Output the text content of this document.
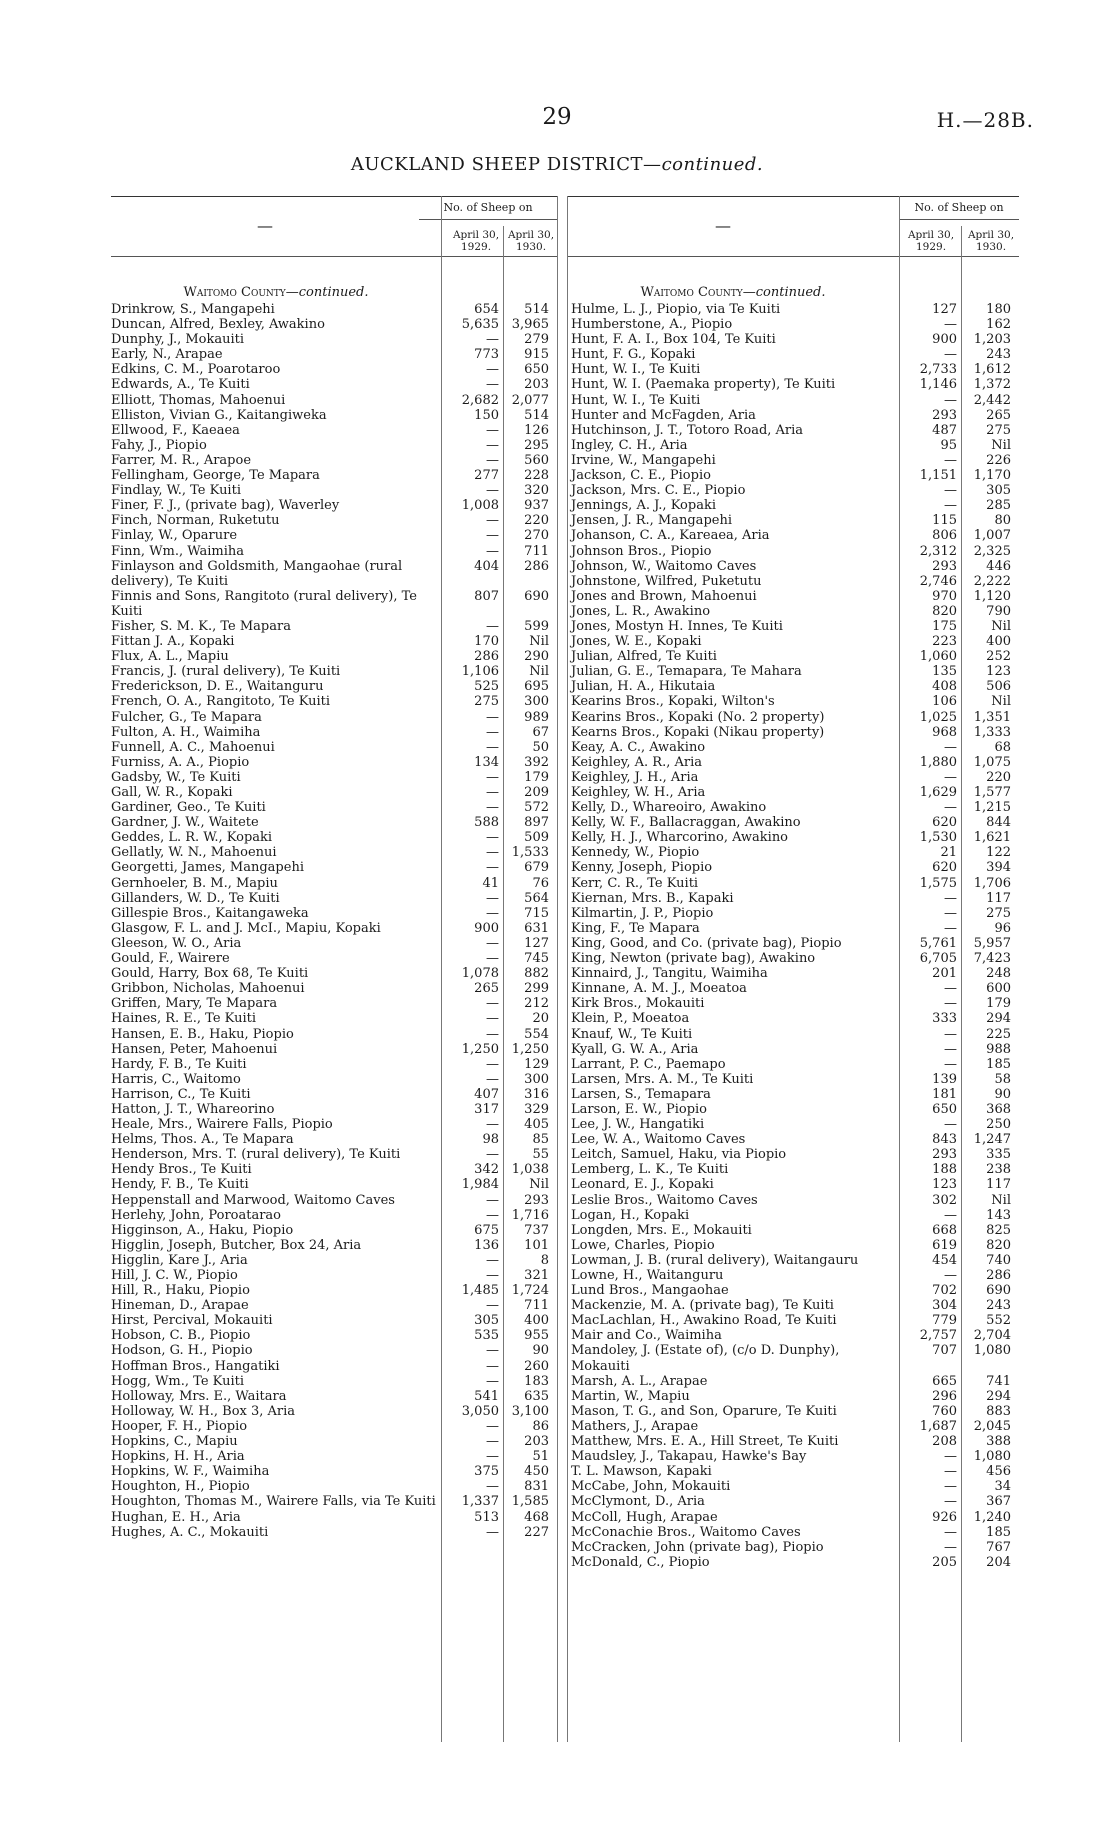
29	H.—28B.
AUCKLAND SHEEP DISTRICT—continued.
—
No. of Sheep on
April 30, 1929.
April 30, 1930.
Waitomo County—continued.
Drinkrow, S., Mangapehi	654	514
Duncan, Alfred, Bexley, Awakino	5,635 3,965
Dunphy, J., Mokauiti	—	279
Early, N., Arapae	773	915
Edkins, C. M., Poarotaroo	—	650
Edwards, A., Te Kuiti	—	203
Elliott, Thomas, Mahoenui	2,682 2,077
Elliston, Vivian G., Kaitangiweka	150	514
Ellwood, F., Kaeaea	—	126
Fahy, J., Piopio	—	295
Farrer, M. R., Arapoe	—	560
Fellingham, George, Te Mapara	277	228
Findlay, W., Te Kuiti	—	320
Finer, F. J., (private bag), Waverley	1,008	937
Finch, Norman, Ruketutu	—	220
Finlay, W., Oparure	—	270
Finn, Wm., Waimiha	—	711
Finlayson and Goldsmith, Mangaohae (rural delivery), Te Kuiti
404	286
Finnis and Sons, Rangitoto (rural delivery), Te Kuiti
807	690
Fisher, S. M. K., Te Mapara	—	599
Fittan J. A., Kopaki	170	Nil
Flux, A. L., Mapiu	286	290
Francis, J. (rural delivery), Te Kuiti	1,106	Nil
Frederickson, D. E., Waitanguru	525	695
French, O. A., Rangitoto, Te Kuiti	275	300
Fulcher, G., Te Mapara	—	989
Fulton, A. H., Waimiha	—	67
Funnell, A. C., Mahoenui	—	50
Furniss, A. A., Piopio	134	392
Gadsby, W., Te Kuiti	—	179
Gall, W. R., Kopaki	—	209
Gardiner, Geo., Te Kuiti	—	572
Gardner, J. W., Waitete	588	897
Geddes, L. R. W., Kopaki	—	509
Gellatly, W. N., Mahoenui	— 1,533
Georgetti, James, Mangapehi	—	679
Gernhoeler, B. M., Mapiu	41	76
Gillanders, W. D., Te Kuiti	—	564
Gillespie Bros., Kaitangaweka	—	715
Glasgow, F. L. and J. McI., Mapiu, Kopaki	900	631
Gleeson, W. O., Aria	—	127
Gould, F., Wairere	—	745
Gould, Harry, Box 68, Te Kuiti	1,078	882
Gribbon, Nicholas, Mahoenui	265	299
Griffen, Mary, Te Mapara	—	212
Haines, R. E., Te Kuiti	—	20
Hansen, E. B., Haku, Piopio	—	554
Hansen, Peter, Mahoenui	1,250 1,250
Hardy, F. B., Te Kuiti	—	129
Harris, C., Waitomo	—	300
Harrison, C., Te Kuiti	407	316
Hatton, J. T., Whareorino	317	329
Heale, Mrs., Wairere Falls, Piopio	—	405
Helms, Thos. A., Te Mapara	98	85
Henderson, Mrs. T. (rural delivery), Te Kuiti	—	55
Hendy Bros., Te Kuiti	342 1,038
Hendy, F. B., Te Kuiti	1,984	Nil
Heppenstall and Marwood, Waitomo Caves	—	293
Herlehy, John, Poroatarao	— 1,716
Higginson, A., Haku, Piopio	675	737
Higglin, Joseph, Butcher, Box 24, Aria	136	101
Higglin, Kare J., Aria	—	8
Hill, J. C. W., Piopio	—	321
Hill, R., Haku, Piopio	1,485 1,724
Hineman, D., Arapae	—	711
Hirst, Percival, Mokauiti	305	400
Hobson, C. B., Piopio	535	955
Hodson, G. H., Piopio	—	90
Hoffman Bros., Hangatiki	—	260
Hogg, Wm., Te Kuiti	—	183
Holloway, Mrs. E., Waitara	541	635
Holloway, W. H., Box 3, Aria	3,050 3,100
Hooper, F. H., Piopio	—	86
Hopkins, C., Mapiu	—	203
Hopkins, H. H., Aria	—	51
Hopkins, W. F., Waimiha	375	450
Houghton, H., Piopio	—	831
Houghton, Thomas M., Wairere Falls, via Te Kuiti	1,337 1,585
Hughan, E. H., Aria	513	468
Hughes, A. C., Mokauiti	—	227
—
No. of Sheep on
April 30, 1929.
April 30, 1930.
Waitomo County—continued.
Hulme, L. J., Piopio, via Te Kuiti	127	180
Humberstone, A., Piopio	—	162
Hunt, F. A. I., Box 104, Te Kuiti	900	1,203
Hunt, F. G., Kopaki	—	243
Hunt, W. I., Te Kuiti	2,733	1,612
Hunt, W. I. (Paemaka property), Te Kuiti	1,146	1,372
Hunt, W. I., Te Kuiti	—	2,442
Hunter and McFagden, Aria	293	265
Hutchinson, J. T., Totoro Road, Aria	487	275
Ingley, C. H., Aria	95	Nil
Irvine, W., Mangapehi	—	226
Jackson, C. E., Piopio	1,151	1,170
Jackson, Mrs. C. E., Piopio	—	305
Jennings, A. J., Kopaki	—	285
Jensen, J. R., Mangapehi	115	80
Johanson, C. A., Kareaea, Aria	806	1,007
Johnson Bros., Piopio	2,312	2,325
Johnson, W., Waitomo Caves	293	446
Johnstone, Wilfred, Puketutu	2,746	2,222
Jones and Brown, Mahoenui	970	1,120
Jones, L. R., Awakino	820	790
Jones, Mostyn H. Innes, Te Kuiti	175	Nil
Jones, W. E., Kopaki	223	400
Julian, Alfred, Te Kuiti	1,060	252
Julian, G. E., Temapara, Te Mahara	135	123
Julian, H. A., Hikutaia	408	506
Kearins Bros., Kopaki, Wilton's	106	Nil
Kearins Bros., Kopaki (No. 2 property)	1,025	1,351
Kearns Bros., Kopaki (Nikau property)	968	1,333
Keay, A. C., Awakino	—	68
Keighley, A. R., Aria	1,880	1,075
Keighley, J. H., Aria	—	220
Keighley, W. H., Aria	1,629	1,577
Kelly, D., Whareoiro, Awakino	—	1,215
Kelly, W. F., Ballacraggan, Awakino	620	844
Kelly, H. J., Wharcorino, Awakino	1,530	1,621
Kennedy, W., Piopio	21	122
Kenny, Joseph, Piopio	620	394
Kerr, C. R., Te Kuiti	1,575	1,706
Kiernan, Mrs. B., Kapaki	—	117
Kilmartin, J. P., Piopio	—	275
King, F., Te Mapara	—	96
King, Good, and Co. (private bag), Piopio	5,761	5,957
King, Newton (private bag), Awakino	6,705	7,423
Kinnaird, J., Tangitu, Waimiha	201	248
Kinnane, A. M. J., Moeatoa	—	600
Kirk Bros., Mokauiti	—	179
Klein, P., Moeatoa	333	294
Knauf, W., Te Kuiti	—	225
Kyall, G. W. A., Aria	—	988
Larrant, P. C., Paemapo	—	185
Larsen, Mrs. A. M., Te Kuiti	139	58
Larsen, S., Temapara	181	90
Larson, E. W., Piopio	650	368
Lee, J. W., Hangatiki	—	250
Lee, W. A., Waitomo Caves	843	1,247
Leitch, Samuel, Haku, via Piopio	293	335
Lemberg, L. K., Te Kuiti	188	238
Leonard, E. J., Kopaki	123	117
Leslie Bros., Waitomo Caves	302	Nil
Logan, H., Kopaki	—	143
Longden, Mrs. E., Mokauiti	668	825
Lowe, Charles, Piopio	619	820
Lowman, J. B. (rural delivery), Waitangauru	454	740
Lowne, H., Waitanguru	—	286
Lund Bros., Mangaohae	702	690
Mackenzie, M. A. (private bag), Te Kuiti	304	243
MacLachlan, H., Awakino Road, Te Kuiti	779	552
Mair and Co., Waimiha	2,757	2,704
Mandoley, J. (Estate of), (c/o D. Dunphy), Mokauiti
707	1,080
Marsh, A. L., Arapae	665	741
Martin, W., Mapiu	296	294
Mason, T. G., and Son, Oparure, Te Kuiti	760	883
Mathers, J., Arapae	1,687	2,045
Matthew, Mrs. E. A., Hill Street, Te Kuiti	208	388
Maudsley, J., Takapau, Hawke's Bay	—	1,080
T. L. Mawson, Kapaki	—	456
McCabe, John, Mokauiti	—	34
McClymont, D., Aria	—	367
McColl, Hugh, Arapae	926	1,240
McConachie Bros., Waitomo Caves	—	185
McCracken, John (private bag), Piopio	—	767
McDonald, C., Piopio	205	204
